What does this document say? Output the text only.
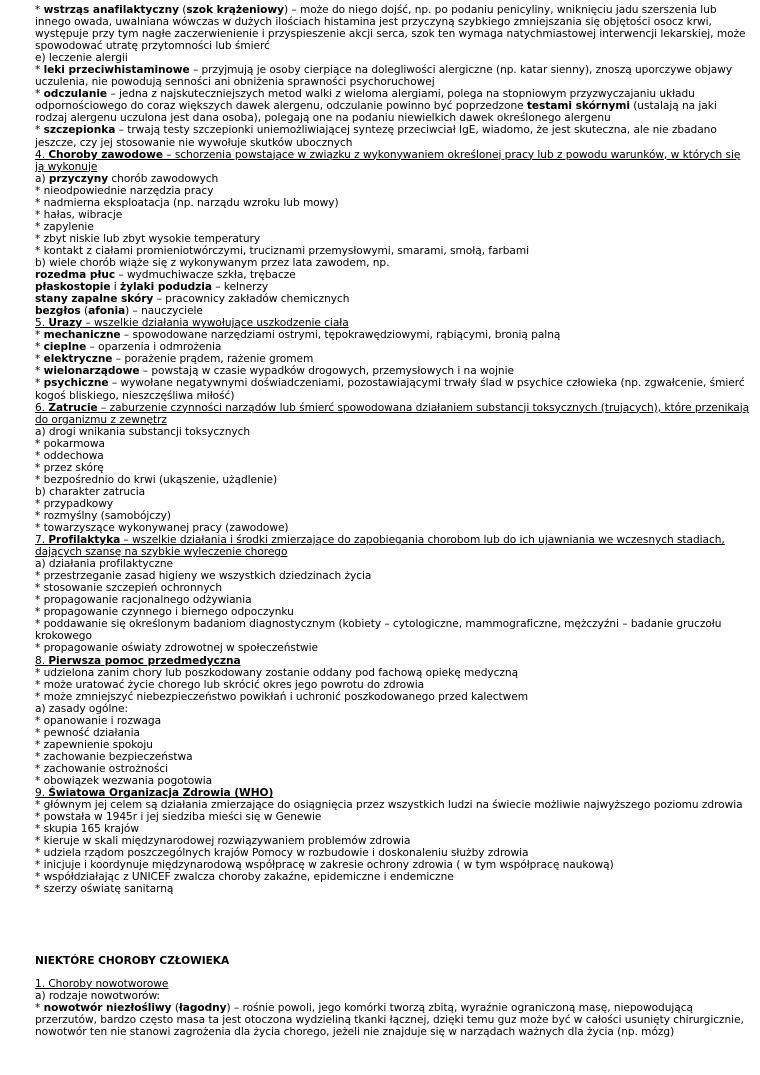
* wstrząs anafilaktyczny (szok krążeniowy) – może do niego dojść, np. po podaniu penicyliny, wniknięciu jadu szerszenia lub innego owada, uwalniana wówczas w dużych ilościach histamina jest przyczyną szybkiego zmniejszania się objętości osocz krwi, występuje przy tym nagłe zaczerwienienie i przyspieszenie akcji serca, szok ten wymaga natychmiastowej interwencji lekarskiej, może spowodować utratę przytomności lub śmierć

e) leczenie alergii

* leki przeciwhistaminowe – przyjmują je osoby cierpiące na dolegliwości alergiczne (np. katar sienny), znoszą uporczywe objawy uczulenia, nie powodują senności ani obniżenia sprawności psychoruchowej

* odczulanie – jedna z najskuteczniejszych metod walki z wieloma alergiami, polega na stopniowym przyzwyczajaniu układu odpornościowego do coraz większych dawek alergenu, odczulanie powinno być poprzedzone testami skórnymi (ustalają na jaki rodzaj alergenu uczulona jest dana osoba), polegają one na podaniu niewielkich dawek określonego alergenu

* szczepionka – trwają testy szczepionki uniemożliwiającej syntezę przeciwciał IgE, wiadomo, że jest skuteczna, ale nie zbadano jeszcze, czy jej stosowanie nie wywołuje skutków ubocznych

4. Choroby zawodowe – schorzenia powstające w związku z wykonywaniem określonej pracy lub z powodu warunków, w których się ją wykonuje

a) przyczyny chorób zawodowych

* nieodpowiednie narzędzia pracy

* nadmierna eksploatacja (np. narządu wzroku lub mowy)

* hałas, wibracje

* zapylenie

* zbyt niskie lub zbyt wysokie temperatury

* kontakt z ciałami promieniotwórczymi, truciznami przemysłowymi, smarami, smołą, farbami

b) wiele chorób wiąże się z wykonywanym przez lata zawodem, np.

rozedma płuc – wydmuchiwacze szkła, trębacze

płaskostopie i żylaki podudzia – kelnerzy

stany zapalne skóry – pracownicy zakładów chemicznych

bezgłos (afonia) – nauczyciele

5. Urazy – wszelkie działania wywołujące uszkodzenie ciała

* mechaniczne – spowodowane narzędziami ostrymi, tępokrawędziowymi, rąbiącymi, bronią palną

* cieplne – oparzenia i odmrożenia

* elektryczne – porażenie prądem, rażenie gromem

* wielonarządowe – powstają w czasie wypadków drogowych, przemysłowych i na wojnie

* psychiczne – wywołane negatywnymi doświadczeniami, pozostawiającymi trwały ślad w psychice człowieka (np. zgwałcenie, śmierć kogoś bliskiego, nieszczęśliwa miłość)

6. Zatrucie – zaburzenie czynności narządów lub śmierć spowodowana działaniem substancji toksycznych (trujących), które przenikają do organizmu z zewnętrz

a) drogi wnikania substancji toksycznych

* pokarmowa

* oddechowa

* przez skórę

* bezpośrednio do krwi (ukąszenie, użądlenie)

b) charakter zatrucia

* przypadkowy

* rozmyślny (samobójczy)

* towarzyszące wykonywanej pracy (zawodowe)

7. Profilaktyka – wszelkie działania i środki zmierzające do zapobiegania chorobom lub do ich ujawniania we wczesnych stadiach, dających szansę na szybkie wyleczenie chorego

a) działania profilaktyczne

* przestrzeganie zasad higieny we wszystkich dziedzinach życia

* stosowanie szczepień ochronnych

* propagowanie racjonalnego odżywiania

* propagowanie czynnego i biernego odpoczynku

* poddawanie się określonym badaniom diagnostycznym (kobiety – cytologiczne, mammograficzne, mężczyźni – badanie gruczołu krokowego

* propagowanie oświaty zdrowotnej w społeczeństwie

8. Pierwsza pomoc przedmedyczna

* udzielona zanim chory lub poszkodowany zostanie oddany pod fachową opiekę medyczną

* może uratować życie chorego lub skrócić okres jego powrotu do zdrowia

* może zmniejszyć niebezpieczeństwo powikłań i uchronić poszkodowanego przed kalectwem

a) zasady ogólne:

* opanowanie i rozwaga

* pewność działania

* zapewnienie spokoju

* zachowanie bezpieczeństwa

* zachowanie ostrożności

* obowiązek wezwania pogotowia

9. Światowa Organizacja Zdrowia (WHO)

* głównym jej celem są działania zmierzające do osiągnięcia przez wszystkich ludzi na świecie możliwie najwyższego poziomu zdrowia

* powstała w 1945r i jej siedziba mieści się w Genewie

* skupia 165 krajów

* kieruje w skali międzynarodowej rozwiązywaniem problemów zdrowia

* udziela rządom poszczególnych krajów Pomocy w rozbudowie i doskonaleniu służby zdrowia

* inicjuje i koordynuje międzynarodową współpracę w zakresie ochrony zdrowia ( w tym współpracę naukową)

* współdziałając z UNICEF zwalcza choroby zakaźne, epidemiczne i endemiczne

* szerzy oświatę sanitarną

NIEKTÓRE CHOROBY CZŁOWIEKA

1. Choroby nowotworowe

a) rodzaje nowotworów:

* nowotwór niezłośliwy (łagodny) – rośnie powoli, jego komórki tworzą zbitą, wyraźnie ograniczoną masę, niepowodującą przerzutów, bardzo często masa ta jest otoczona wydzieliną tkanki łącznej, dzięki temu guz może być w całości usunięty chirurgicznie, nowotwór ten nie stanowi zagrożenia dla życia chorego, jeżeli nie znajduje się w narządach ważnych dla życia (np. mózg)
